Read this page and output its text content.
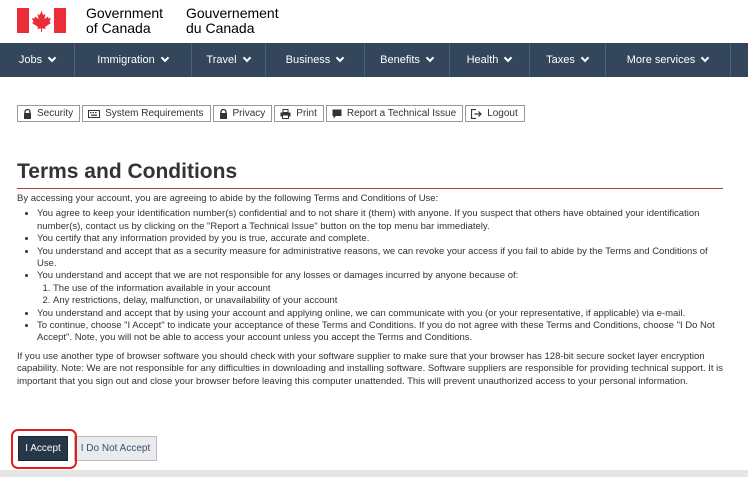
Government
of Canada
Gouvernement
du Canada
Jobs	Immigration	Travel	Business	Benefits	Health	Taxes	More services
Security	System Requirements	Privacy	Print	Report a Technical Issue	Logout
Terms and Conditions

By accessing your account, you are agreeing to abide by the following Terms and Conditions of Use:

• You agree to keep your identification number(s) confidential and to not share it (them) with anyone. If you suspect that others have obtained your identification number(s), contact us by clicking on the "Report a Technical Issue" button on the top menu bar immediately.
• You certify that any information provided by you is true, accurate and complete.
• You understand and accept that as a security measure for administrative reasons, we can revoke your access if you fail to abide by the Terms and Conditions of Use.
• You understand and accept that we are not responsible for any losses or damages incurred by anyone because of:
1. The use of the information available in your account
2. Any restrictions, delay, malfunction, or unavailability of your account
• You understand and accept that by using your account and applying online, we can communicate with you (or your representative, if applicable) via e-mail.
• To continue, choose "I Accept" to indicate your acceptance of these Terms and Conditions. If you do not agree with these Terms and Conditions, choose "I Do Not Accept". Note, you will not be able to access your account unless you accept the Terms and Conditions.

If you use another type of browser software you should check with your software supplier to make sure that your browser has 128-bit secure socket layer encryption capability. Note: We are not responsible for any difficulties in downloading and installing software. Software suppliers are responsible for providing technical support. It is important that you sign out and close your browser before leaving this computer unattended. This will prevent unauthorized access to your personal information.

I Accept	I Do Not Accept
